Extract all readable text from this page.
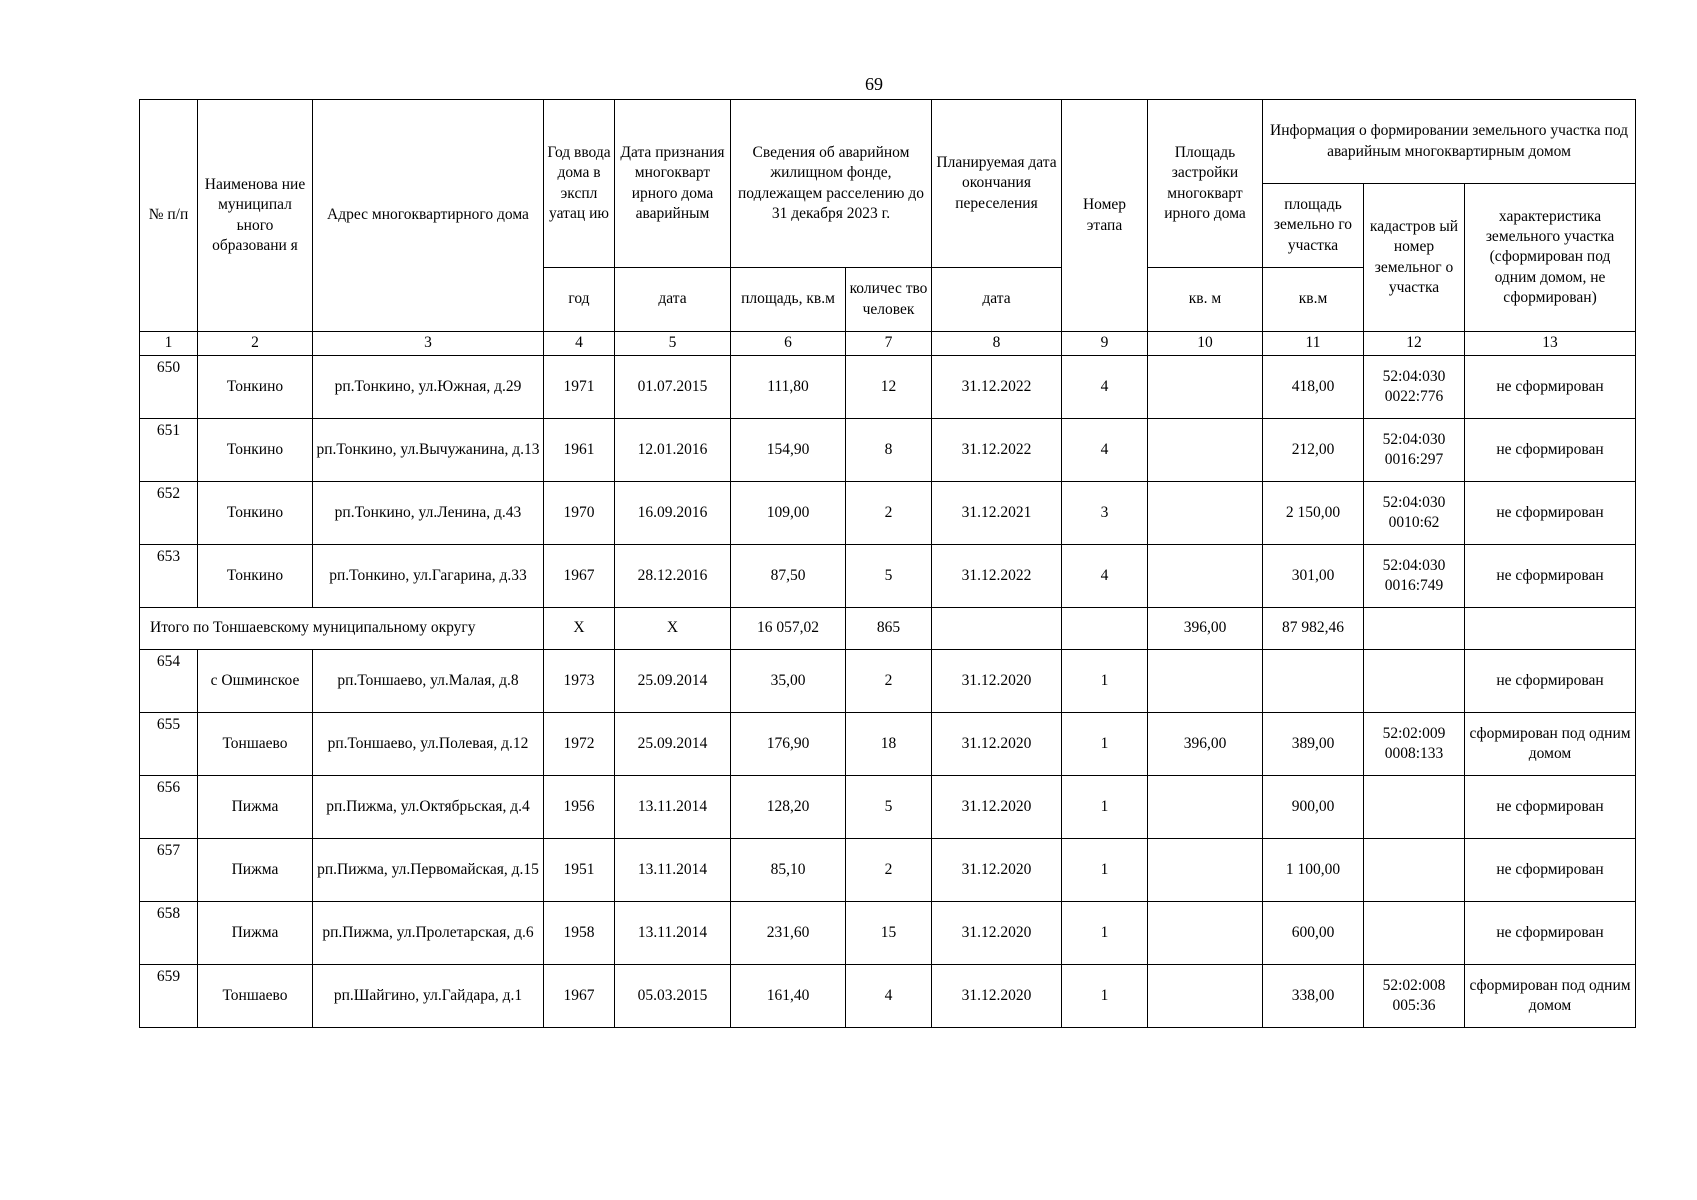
69
№ п/п	Наименова ние муниципал ьного образовани я	Адрес многоквартирного дома	Год ввода дома в экспл уатац ию	Дата признания многокварт ирного дома аварийным	Сведения об аварийном жилищном фонде, подлежащем расселению до 31 декабря 2023 г.		Планируемая дата окончания переселения	Номер этапа	Площадь застройки многокварт ирного дома	Информация о формировании земельного участка под аварийным многоквартирным домом		
										площадь земельно го участка	кадастров ый номер земельног о участка	характеристика земельного участка (сформирован под одним домом, не сформирован)
			год	дата	площадь, кв.м	количес тво человек	дата		кв. м	кв.м		
1	2	3	4	5	6	7	8	9	10	11	12	13
650	Тонкино	рп.Тонкино, ул.Южная, д.29	1971	01.07.2015	111,80	12	31.12.2022	4		418,00	52:04:030 0022:776	не сформирован
651	Тонкино	рп.Тонкино, ул.Вычужанина, д.13	1961	12.01.2016	154,90	8	31.12.2022	4		212,00	52:04:030 0016:297	не сформирован
652	Тонкино	рп.Тонкино, ул.Ленина, д.43	1970	16.09.2016	109,00	2	31.12.2021	3		2 150,00	52:04:030 0010:62	не сформирован
653	Тонкино	рп.Тонкино, ул.Гагарина, д.33	1967	28.12.2016	87,50	5	31.12.2022	4		301,00	52:04:030 0016:749	не сформирован
Итого по Тоншаевскому муниципальному округу			X	X	16 057,02	865			396,00	87 982,46		
654	с Ошминское	рп.Тоншаево, ул.Малая, д.8	1973	25.09.2014	35,00	2	31.12.2020	1				не сформирован
655	Тоншаево	рп.Тоншаево, ул.Полевая, д.12	1972	25.09.2014	176,90	18	31.12.2020	1	396,00	389,00	52:02:009 0008:133	сформирован под одним домом
656	Пижма	рп.Пижма, ул.Октябрьская, д.4	1956	13.11.2014	128,20	5	31.12.2020	1		900,00		не сформирован
657	Пижма	рп.Пижма, ул.Первомайская, д.15	1951	13.11.2014	85,10	2	31.12.2020	1		1 100,00		не сформирован
658	Пижма	рп.Пижма, ул.Пролетарская, д.6	1958	13.11.2014	231,60	15	31.12.2020	1		600,00		не сформирован
659	Тоншаево	рп.Шайгино, ул.Гайдара, д.1	1967	05.03.2015	161,40	4	31.12.2020	1		338,00	52:02:008 005:36	сформирован под одним домом
